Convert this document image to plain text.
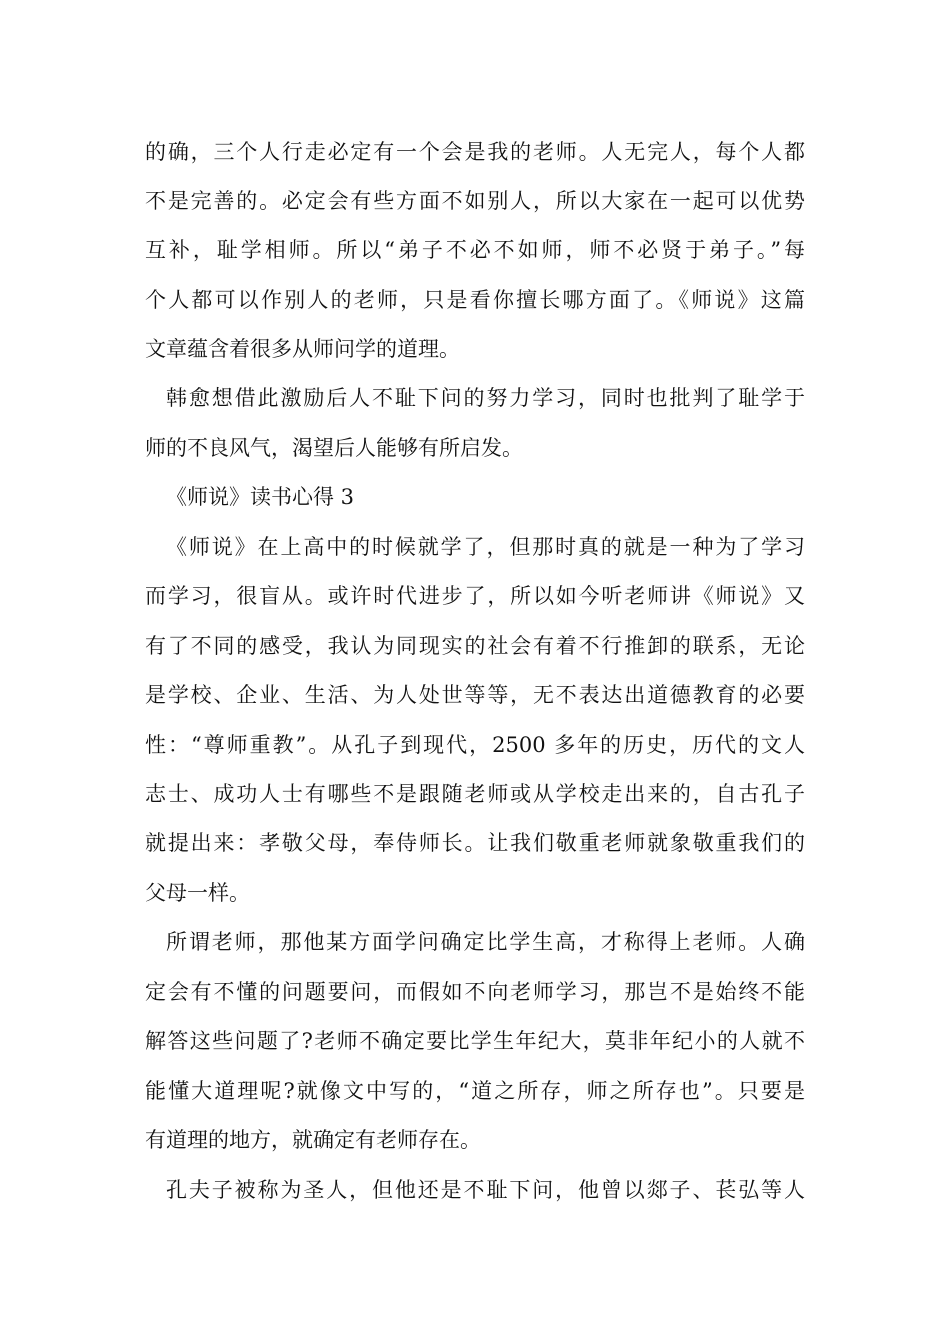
的确，三个人行走必定有一个会是我的老师。人无完人，每个人都
不是完善的。必定会有些方面不如别人，所以大家在一起可以优势
互补，耻学相师。所以“弟子不必不如师，师不必贤于弟子。”每
个人都可以作别人的老师，只是看你擅长哪方面了。《师说》这篇
文章蕴含着很多从师问学的道理。
韩愈想借此激励后人不耻下问的努力学习，同时也批判了耻学于
师的不良风气，渴望后人能够有所启发。
《师说》读书心得 3
《师说》在上高中的时候就学了，但那时真的就是一种为了学习
而学习，很盲从。或许时代进步了，所以如今听老师讲《师说》又
有了不同的感受，我认为同现实的社会有着不行推卸的联系，无论
是学校、企业、生活、为人处世等等，无不表达出道德教育的必要
性：“尊师重教”。从孔子到现代，2500 多年的历史，历代的文人
志士、成功人士有哪些不是跟随老师或从学校走出来的，自古孔子
就提出来：孝敬父母，奉侍师长。让我们敬重老师就象敬重我们的
父母一样。
所谓老师，那他某方面学问确定比学生高，才称得上老师。人确
定会有不懂的问题要问，而假如不向老师学习，那岂不是始终不能
解答这些问题了?老师不确定要比学生年纪大，莫非年纪小的人就不
能懂大道理呢?就像文中写的，“道之所存，师之所存也”。只要是
有道理的地方，就确定有老师存在。
孔夫子被称为圣人，但他还是不耻下问，他曾以郯子、苌弘等人
